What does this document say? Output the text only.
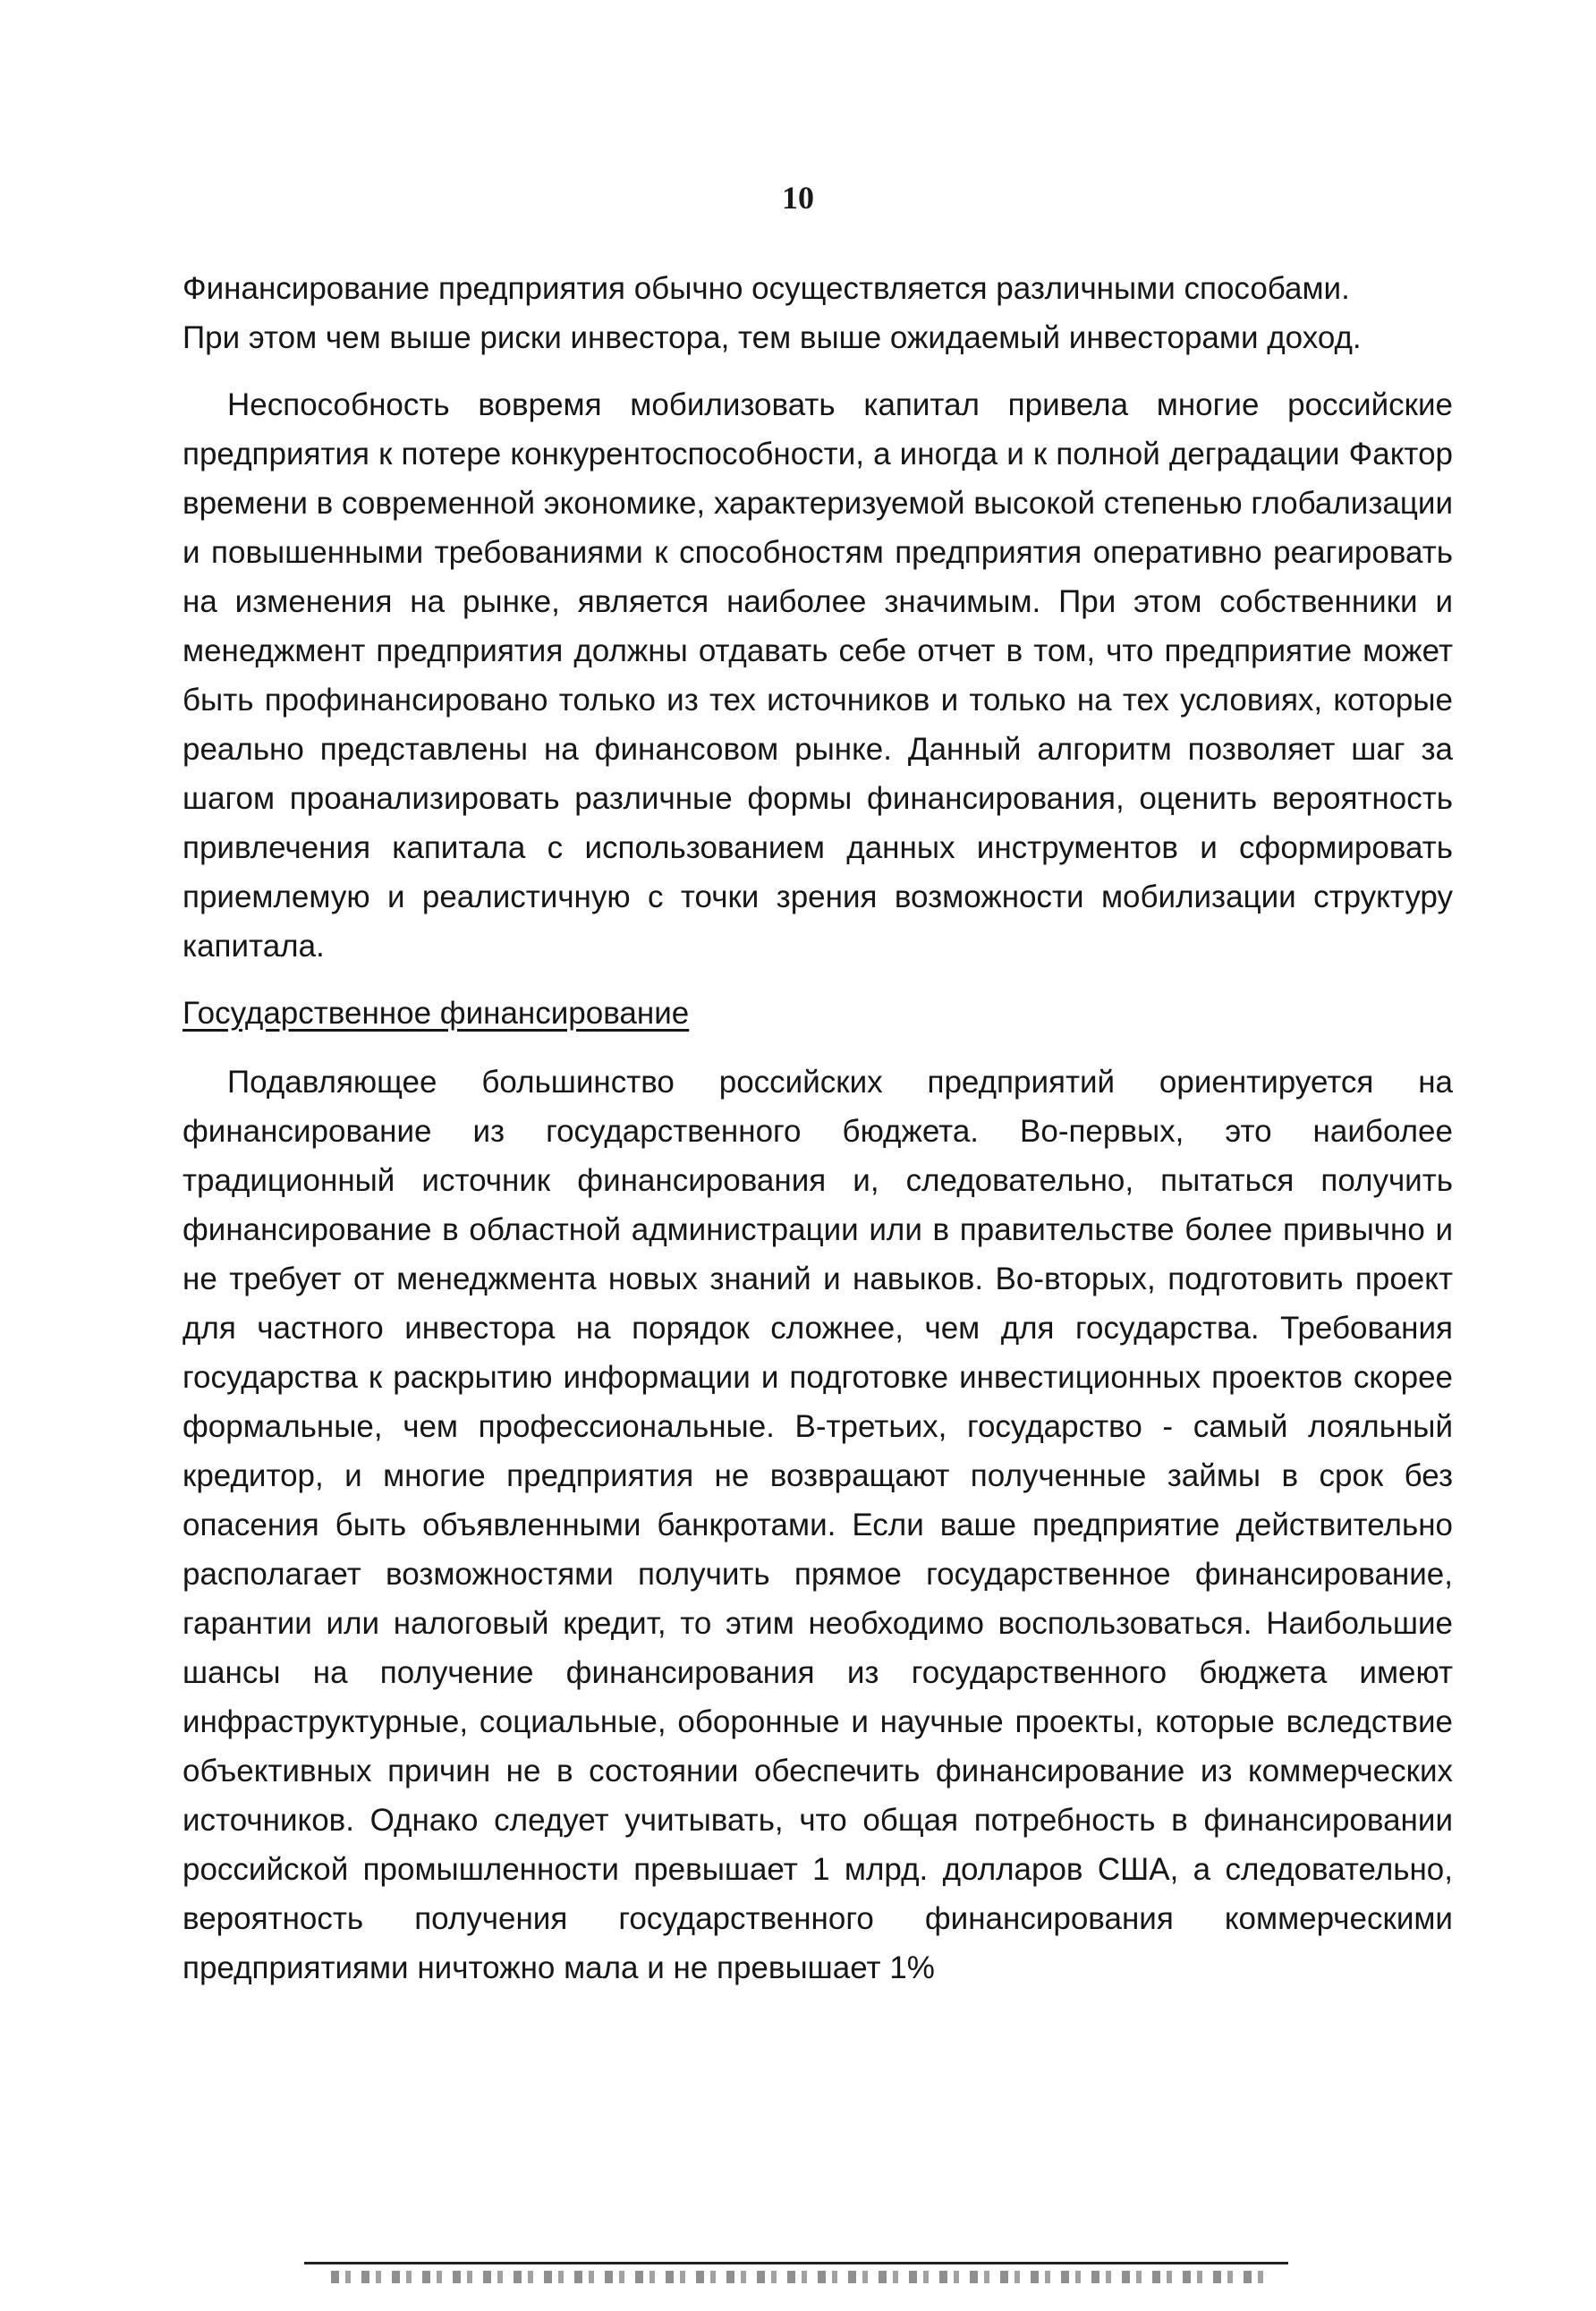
10

Финансирование предприятия обычно осуществляется различными способами.
При этом чем выше риски инвестора, тем выше ожидаемый инвесторами доход.

Неспособность вовремя мобилизовать капитал привела многие российские предприятия к потере конкурентоспособности, а иногда и к полной деградации Фактор времени в современной экономике, характеризуемой высокой степенью глобализации и повышенными требованиями к способностям предприятия оперативно реагировать на изменения на рынке, является наиболее значимым. При этом собственники и менеджмент предприятия должны отдавать себе отчет в том, что предприятие может быть профинансировано только из тех источников и только на тех условиях, которые реально представлены на финансовом рынке. Данный алгоритм позволяет шаг за шагом проанализировать различные формы финансирования, оценить вероятность привлечения капитала с использованием данных инструментов и сформировать приемлемую и реалистичную с точки зрения возможности мобилизации структуру капитала.

Государственное финансирование

Подавляющее большинство российских предприятий ориентируется на финансирование из государственного бюджета. Во-первых, это наиболее традиционный источник финансирования и, следовательно, пытаться получить финансирование в областной администрации или в правительстве более привычно и не требует от менеджмента новых знаний и навыков. Во-вторых, подготовить проект для частного инвестора на порядок сложнее, чем для государства. Требования государства к раскрытию информации и подготовке инвестиционных проектов скорее формальные, чем профессиональные. В-третьих, государство - самый лояльный кредитор, и многие предприятия не возвращают полученные займы в срок без опасения быть объявленными банкротами. Если ваше предприятие действительно располагает возможностями получить прямое государственное финансирование, гарантии или налоговый кредит, то этим необходимо воспользоваться. Наибольшие шансы на получение финансирования из государственного бюджета имеют инфраструктурные, социальные, оборонные и научные проекты, которые вследствие объективных причин не в состоянии обеспечить финансирование из коммерческих источников. Однако следует учитывать, что общая потребность в финансировании российской промышленности превышает 1 млрд. долларов США, а следовательно, вероятность получения государственного финансирования коммерческими предприятиями ничтожно мала и не превышает 1%
